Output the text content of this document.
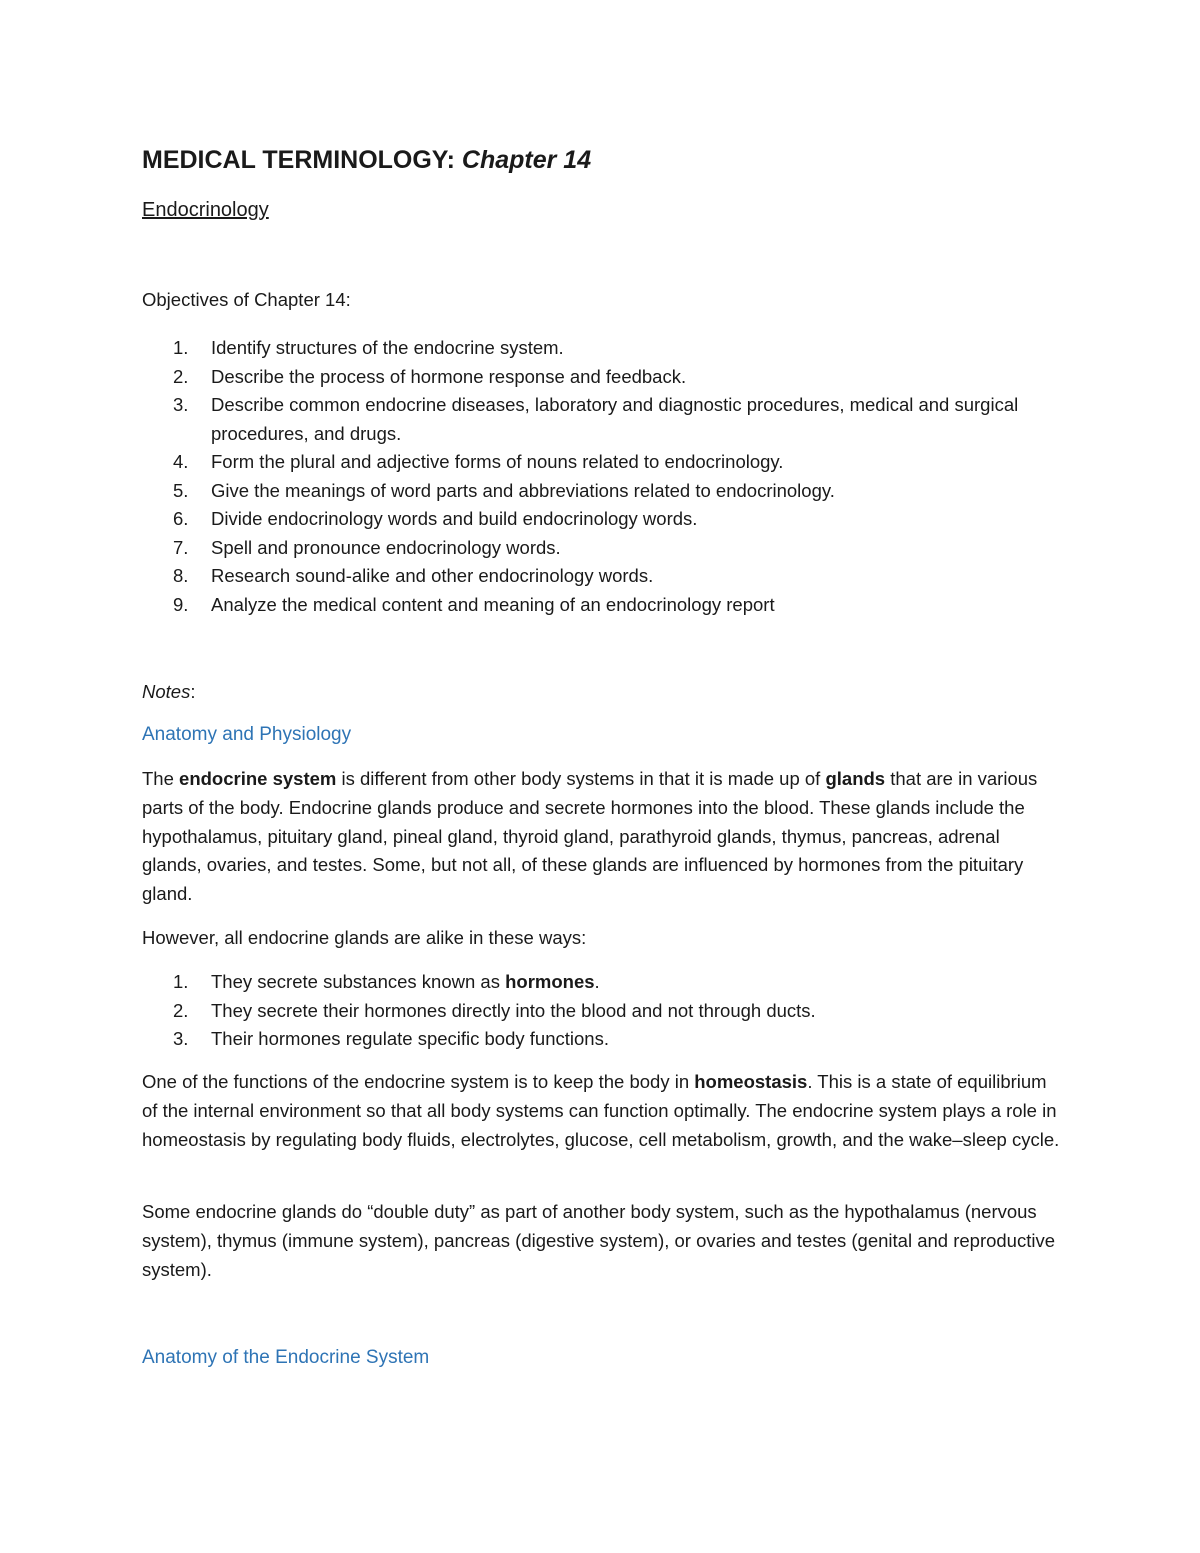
MEDICAL TERMINOLOGY: Chapter 14
Endocrinology

Objectives of Chapter 14:

1. Identify structures of the endocrine system.
2. Describe the process of hormone response and feedback.
3. Describe common endocrine diseases, laboratory and diagnostic procedures, medical and surgical procedures, and drugs.
4. Form the plural and adjective forms of nouns related to endocrinology.
5. Give the meanings of word parts and abbreviations related to endocrinology.
6. Divide endocrinology words and build endocrinology words.
7. Spell and pronounce endocrinology words.
8. Research sound-alike and other endocrinology words.
9. Analyze the medical content and meaning of an endocrinology report

Notes:

Anatomy and Physiology

The endocrine system is different from other body systems in that it is made up of glands that are in various parts of the body. Endocrine glands produce and secrete hormones into the blood. These glands include the hypothalamus, pituitary gland, pineal gland, thyroid gland, parathyroid glands, thymus, pancreas, adrenal glands, ovaries, and testes. Some, but not all, of these glands are influenced by hormones from the pituitary gland.

However, all endocrine glands are alike in these ways:

1. They secrete substances known as hormones.
2. They secrete their hormones directly into the blood and not through ducts.
3. Their hormones regulate specific body functions.

One of the functions of the endocrine system is to keep the body in homeostasis. This is a state of equilibrium of the internal environment so that all body systems can function optimally. The endocrine system plays a role in homeostasis by regulating body fluids, electrolytes, glucose, cell metabolism, growth, and the wake–sleep cycle.

Some endocrine glands do “double duty” as part of another body system, such as the hypothalamus (nervous system), thymus (immune system), pancreas (digestive system), or ovaries and testes (genital and reproductive system).

Anatomy of the Endocrine System
